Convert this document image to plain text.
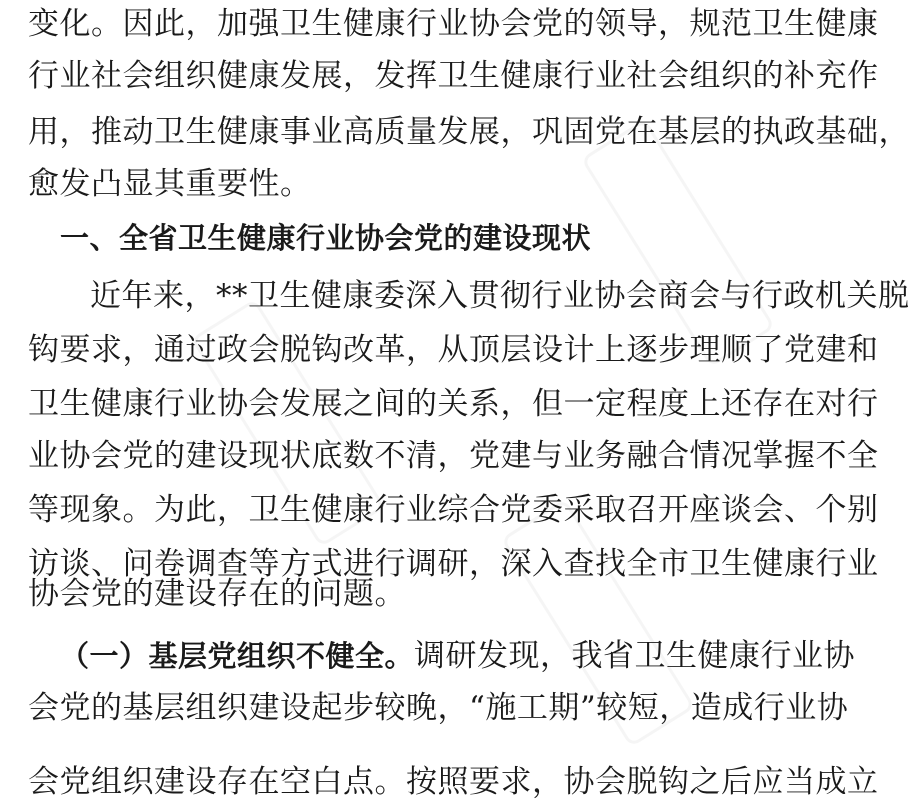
变化。因此，加强卫生健康行业协会党的领导，规范卫生健康
行业社会组织健康发展，发挥卫生健康行业社会组织的补充作
用，推动卫生健康事业高质量发展，巩固党在基层的执政基础，
愈发凸显其重要性。
一、全省卫生健康行业协会党的建设现状
近年来，**卫生健康委深入贯彻行业协会商会与行政机关脱
钩要求，通过政会脱钩改革，从顶层设计上逐步理顺了党建和
卫生健康行业协会发展之间的关系，但一定程度上还存在对行
业协会党的建设现状底数不清，党建与业务融合情况掌握不全
等现象。为此，卫生健康行业综合党委采取召开座谈会、个别
访谈、问卷调查等方式进行调研，深入查找全市卫生健康行业
协会党的建设存在的问题。
（一）基层党组织不健全。调研发现，我省卫生健康行业协
会党的基层组织建设起步较晚，“施工期”较短，造成行业协
会党组织建设存在空白点。按照要求，协会脱钩之后应当成立
